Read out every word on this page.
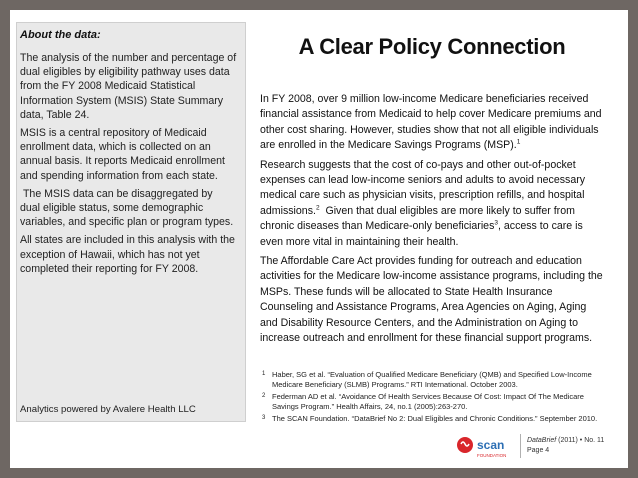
About the data:

The analysis of the number and percentage of dual eligibles by eligibility pathway uses data from the FY 2008 Medicaid Statistical Information System (MSIS) State Summary data, Table 24.

MSIS is a central repository of Medicaid enrollment data, which is collected on an annual basis. It reports Medicaid enrollment and spending information from each state.

The MSIS data can be disaggregated by  dual eligible status, some demographic variables, and specific plan or program types.

All states are included in this analysis with the exception of Hawaii, which has not yet completed their reporting for FY 2008.

Analytics powered by Avalere Health LLC
A Clear Policy Connection

In FY 2008, over 9 million low-income Medicare beneficiaries received financial assistance from Medicaid to help cover Medicare premiums and other cost sharing. However, studies show that not all eligible individuals are enrolled in the Medicare Savings Programs (MSP).$^1$

Research suggests that the cost of co-pays and other out-of-pocket expenses can lead low-income seniors and adults to avoid necessary medical care such as physician visits, prescription refills, and hospital admissions.$^2$  Given that dual eligibles are more likely to suffer from chronic diseases than Medicare-only beneficiaries$^3$, access to care is even more vital in maintaining their health.

The Affordable Care Act provides funding for outreach and education activities for the Medicare low-income assistance programs, including the MSPs. These funds will be allocated to State Health Insurance Counseling and Assistance Programs, Area Agencies on Aging, Aging and Disability Resource Centers, and the Administration on Aging to increase outreach and enrollment for these financial support programs.

1 Haber, SG et al. “Evaluation of Qualified Medicare Beneficiary (QMB) and Specified Low-Income Medicare Beneficiary (SLMB) Programs.” RTI International. October 2003.
2 Federman AD et al. “Avoidance Of Health Services Because Of Cost: Impact Of The Medicare Savings Program.” Health Affairs, 24, no.1 (2005):263-270.
3 The SCAN Foundation. “DataBrief No 2: Dual Eligibles and Chronic Conditions.” September 2010.
scan
FOUNDATION
DataBrief (2011) • No. 11
Page 4
